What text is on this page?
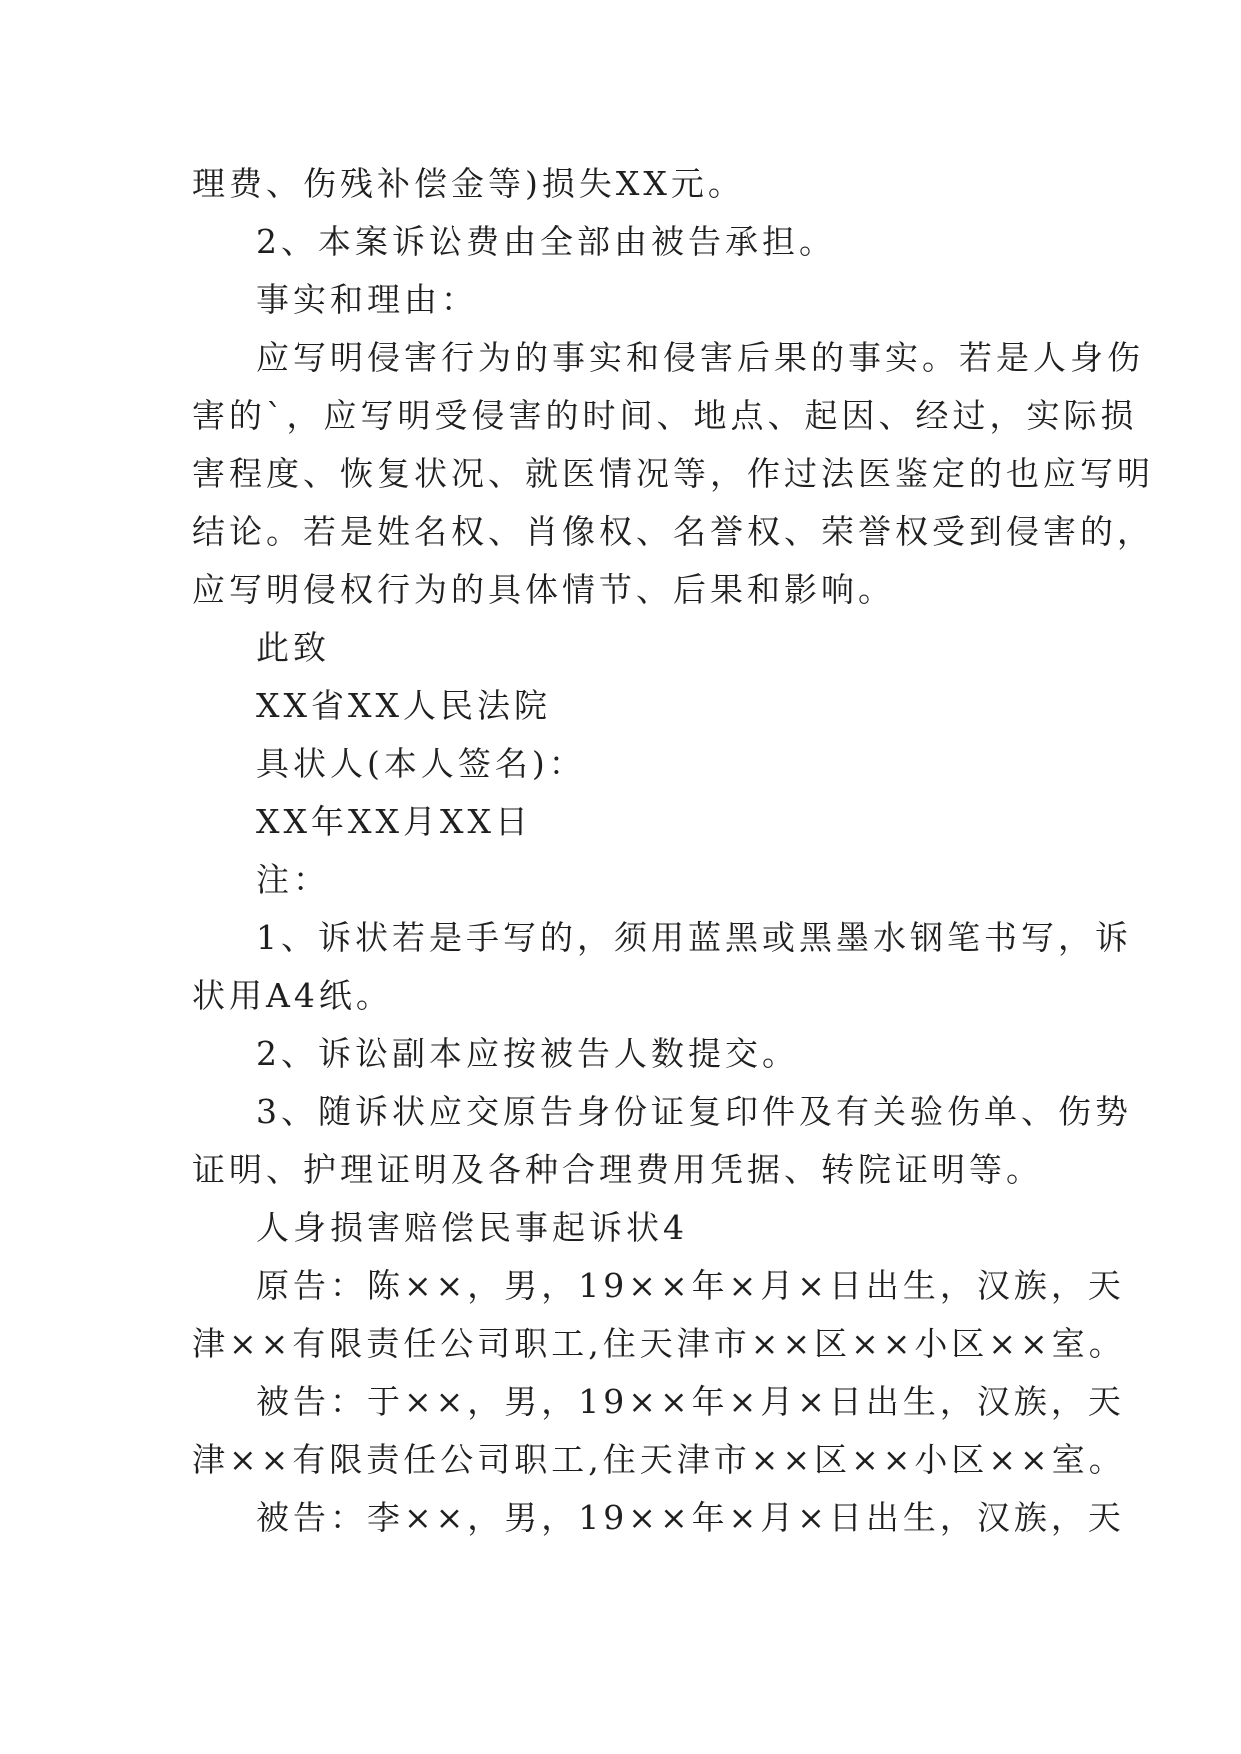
理费、伤残补偿金等)损失XX元。
2、本案诉讼费由全部由被告承担。
事实和理由：
应写明侵害行为的事实和侵害后果的事实。若是人身伤
害的`，应写明受侵害的时间、地点、起因、经过，实际损
害程度、恢复状况、就医情况等，作过法医鉴定的也应写明
结论。若是姓名权、肖像权、名誉权、荣誉权受到侵害的，
应写明侵权行为的具体情节、后果和影响。
此致
XX省XX人民法院
具状人(本人签名)：
XX年XX月XX日
注：
1、诉状若是手写的，须用蓝黑或黑墨水钢笔书写，诉
状用A4纸。
2、诉讼副本应按被告人数提交。
3、随诉状应交原告身份证复印件及有关验伤单、伤势
证明、护理证明及各种合理费用凭据、转院证明等。
人身损害赔偿民事起诉状4
原告：陈××，男，19××年×月×日出生，汉族，天
津××有限责任公司职工,住天津市××区××小区××室。
被告：于××，男，19××年×月×日出生，汉族，天
津××有限责任公司职工,住天津市××区××小区××室。
被告：李××，男，19××年×月×日出生，汉族，天
